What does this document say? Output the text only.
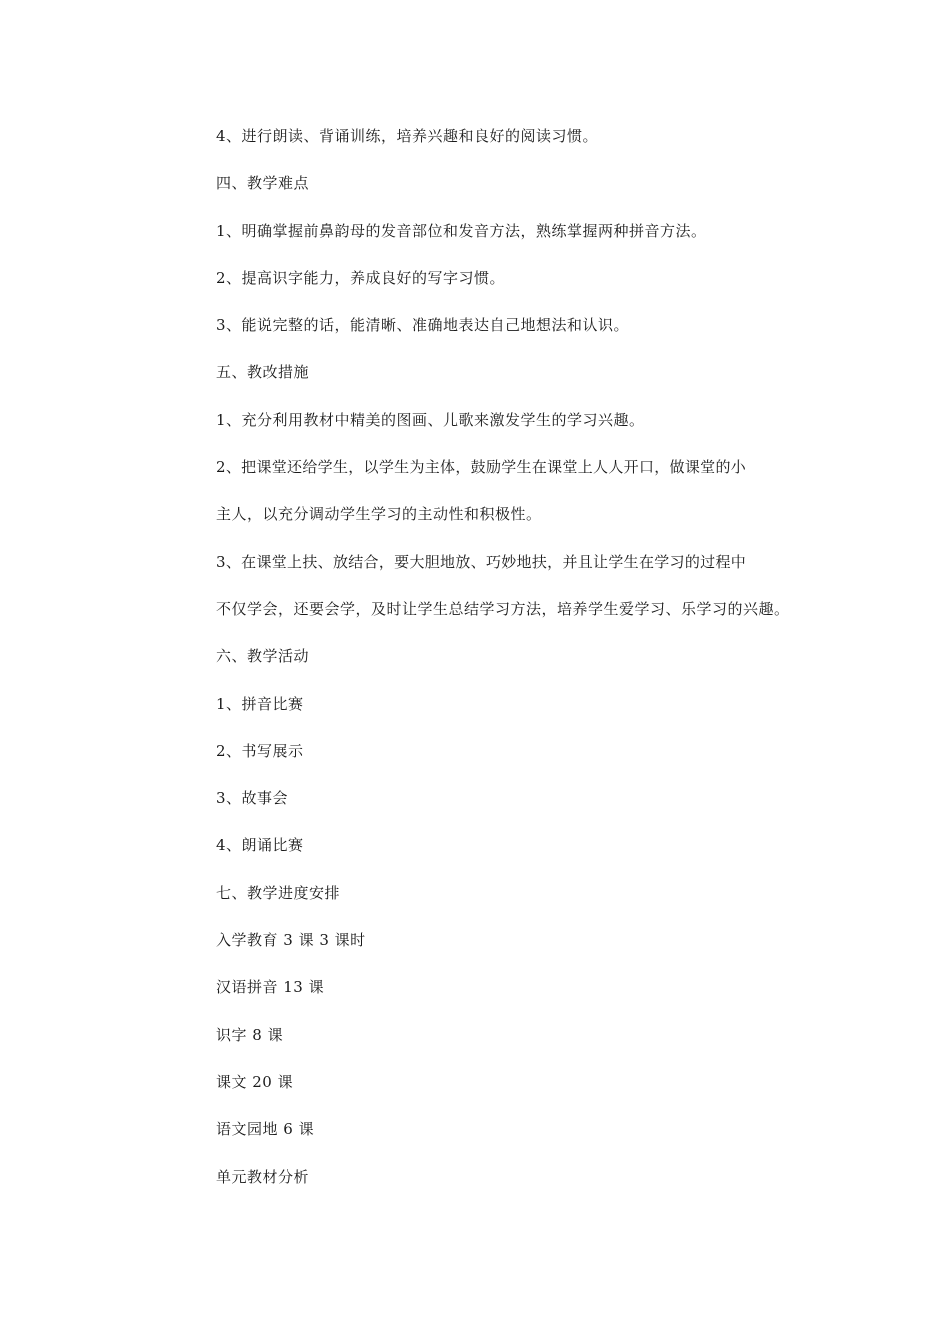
4、进行朗读、背诵训练，培养兴趣和良好的阅读习惯。
四、教学难点
1、明确掌握前鼻韵母的发音部位和发音方法，熟练掌握两种拼音方法。
2、提高识字能力，养成良好的写字习惯。
3、能说完整的话，能清晰、准确地表达自己地想法和认识。
五、教改措施
1、充分利用教材中精美的图画、儿歌来激发学生的学习兴趣。
2、把课堂还给学生，以学生为主体，鼓励学生在课堂上人人开口，做课堂的小
主人，以充分调动学生学习的主动性和积极性。
3、在课堂上扶、放结合，要大胆地放、巧妙地扶，并且让学生在学习的过程中
不仅学会，还要会学，及时让学生总结学习方法，培养学生爱学习、乐学习的兴趣。
六、教学活动
1、拼音比赛
2、书写展示
3、故事会
4、朗诵比赛
七、教学进度安排
入学教育 3 课 3 课时
汉语拼音 13 课
识字 8 课
课文 20 课
语文园地 6 课
单元教材分析
